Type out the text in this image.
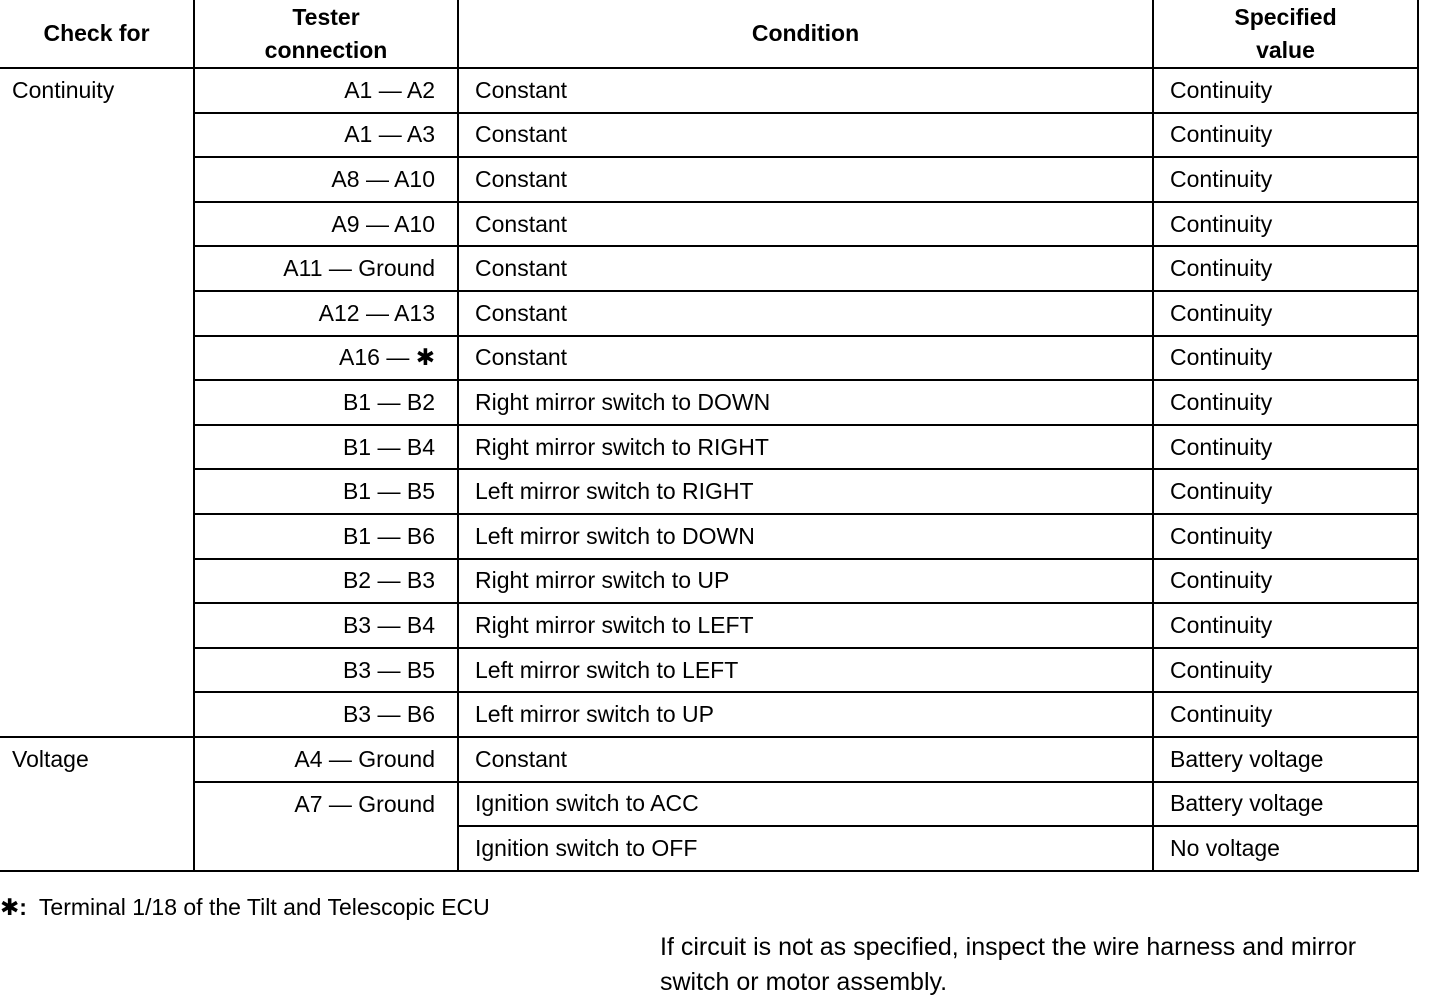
Check for	Tester connection	Condition	Specified value
Continuity	A1 — A2	Constant	Continuity
	A1 — A3	Constant	Continuity
	A8 — A10	Constant	Continuity
	A9 — A10	Constant	Continuity
	A11 — Ground	Constant	Continuity
	A12 — A13	Constant	Continuity
	A16 — ✱	Constant	Continuity
	B1 — B2	Right mirror switch to DOWN	Continuity
	B1 — B4	Right mirror switch to RIGHT	Continuity
	B1 — B5	Left mirror switch to RIGHT	Continuity
	B1 — B6	Left mirror switch to DOWN	Continuity
	B2 — B3	Right mirror switch to UP	Continuity
	B3 — B4	Right mirror switch to LEFT	Continuity
	B3 — B5	Left mirror switch to LEFT	Continuity
	B3 — B6	Left mirror switch to UP	Continuity
Voltage	A4 — Ground	Constant	Battery voltage
	A7 — Ground	Ignition switch to ACC	Battery voltage
		Ignition switch to OFF	No voltage
✱: Terminal 1/18 of the Tilt and Telescopic ECU
If circuit is not as specified, inspect the wire harness and mirror switch or motor assembly.
